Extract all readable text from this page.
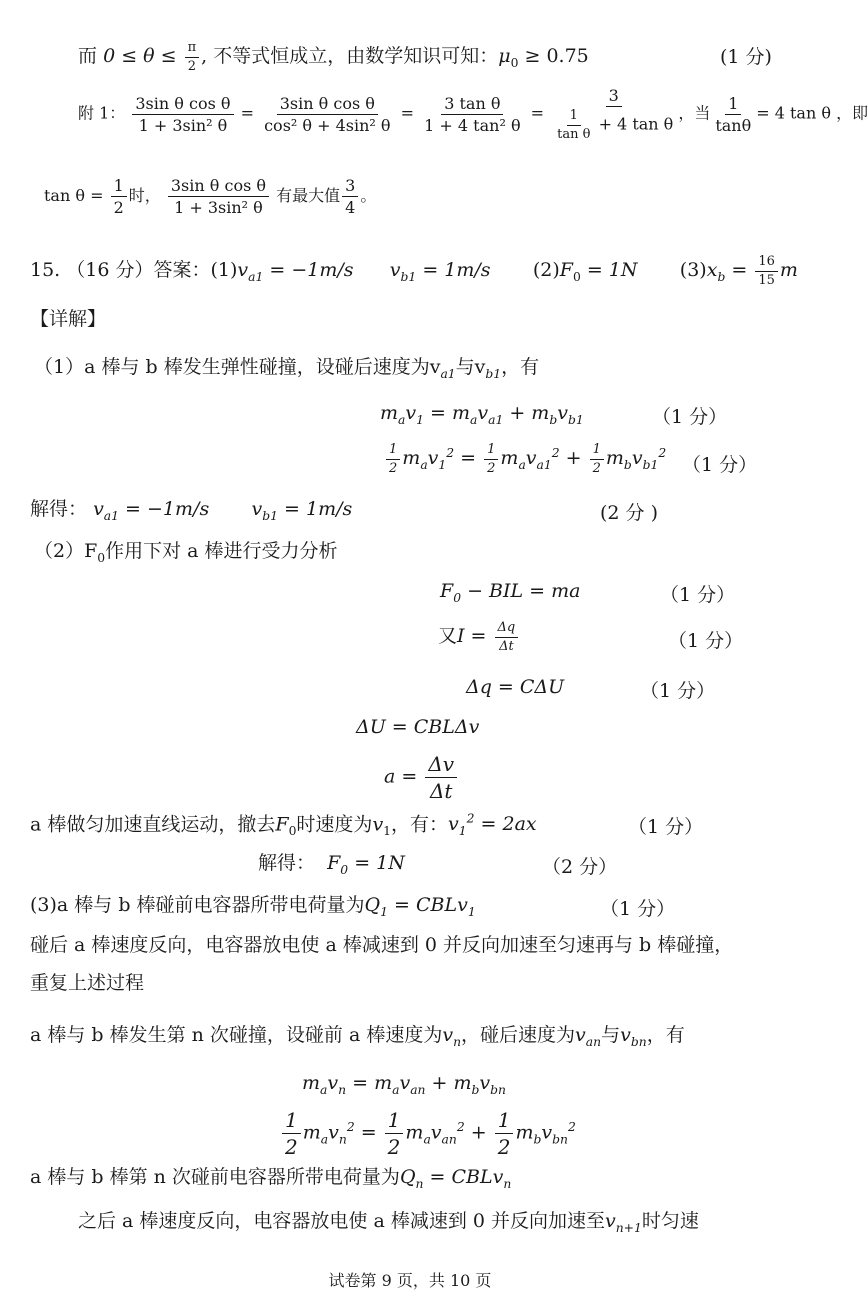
而 $0 \le \theta \le \frac{\pi}{2}$ , 不等式恒成立，由数学知识可知：$\mu_0 \ge 0.75$	(1 分)
附 1： $\frac{\text{3sin θ cos θ}}{\text{1 + 3sin² θ}} = \frac{\text{3sin θ cos θ}}{\text{cos² θ + 4sin² θ}} = \frac{\text{3 tan θ}}{\text{1 + 4 tan² θ}} = \frac{3}{\frac{1}{\text{tan θ}} + 4 \tan \theta}$ ，当 $\frac{1}{\tan\theta} = 4$ tan θ ，即
$\tan \theta = \frac{1}{2}$ 时， $\frac{\text{3sin θ cos θ}}{\text{1 + 3sin² θ}}$ 有最大值 $\frac{3}{4}$ 。
15. （16 分）答案：$(1)v_{a1} = -1m/s$ $v_{b1} = 1m/s$ $(2)F_0 = 1N$ $(3)x_b = \frac{16}{15}$ m
【详解】
（1）a 棒与 b 棒发生弹性碰撞，设碰后速度为$v_{a1}$与$v_{b1}$，有
$m_av_1 = m_av_{a1} + m_bv_{b1}$	（1 分）
$\frac{1}{2} m_av_1^2 = \frac{1}{2} m_av_{a1}^2 + \frac{1}{2} m_bv_{b1}^2$
（1 分）
解得： $v_{a1} = -1m/s$ $v_{b1} = 1m/s$	(2 分 )
$(2)F_0$作用下对 a 棒进行受力分析
$F_0$ − BIL = ma	（1 分）
又$I = \frac{\Delta q}{\Delta t}$	（1 分）
Δq = CΔU	（1 分）
ΔU = CBLΔv
$a = \frac{\Delta v}{\Delta t}$
a 棒做匀加速直线运动，撤去$F_0$时速度为$v_1$，有：$v_1^2 = 2ax$	（1 分）
解得： $F_0 = 1N$	（2 分）
(3)a 棒与 b 棒碰前电容器所带电荷量为$Q_1$ = CBLv$_1$	（1 分）
碰后 a 棒速度反向，电容器放电使 a 棒减速到 0 并反向加速至匀速再与 b 棒碰撞，
重复上述过程
a 棒与 b 棒发生第 n 次碰撞，设碰前 a 棒速度为$v_n$，碰后速度为$v_{an}$与$v_{bn}$，有
$m_av_n = m_av_{an} + m_bv_{bn}$
$\frac{1}{2} m_av_n^2 = \frac{1}{2} m_av_{an}^2 + \frac{1}{2} m_bv_{bn}^2$
a 棒与 b 棒第 n 次碰前电容器所带电荷量为$Q_n$ = CBLv$_n$
之后 a 棒速度反向，电容器放电使 a 棒减速到 0 并反向加速至$v_{n+1}$时匀速
试卷第 9 页，共 10 页
